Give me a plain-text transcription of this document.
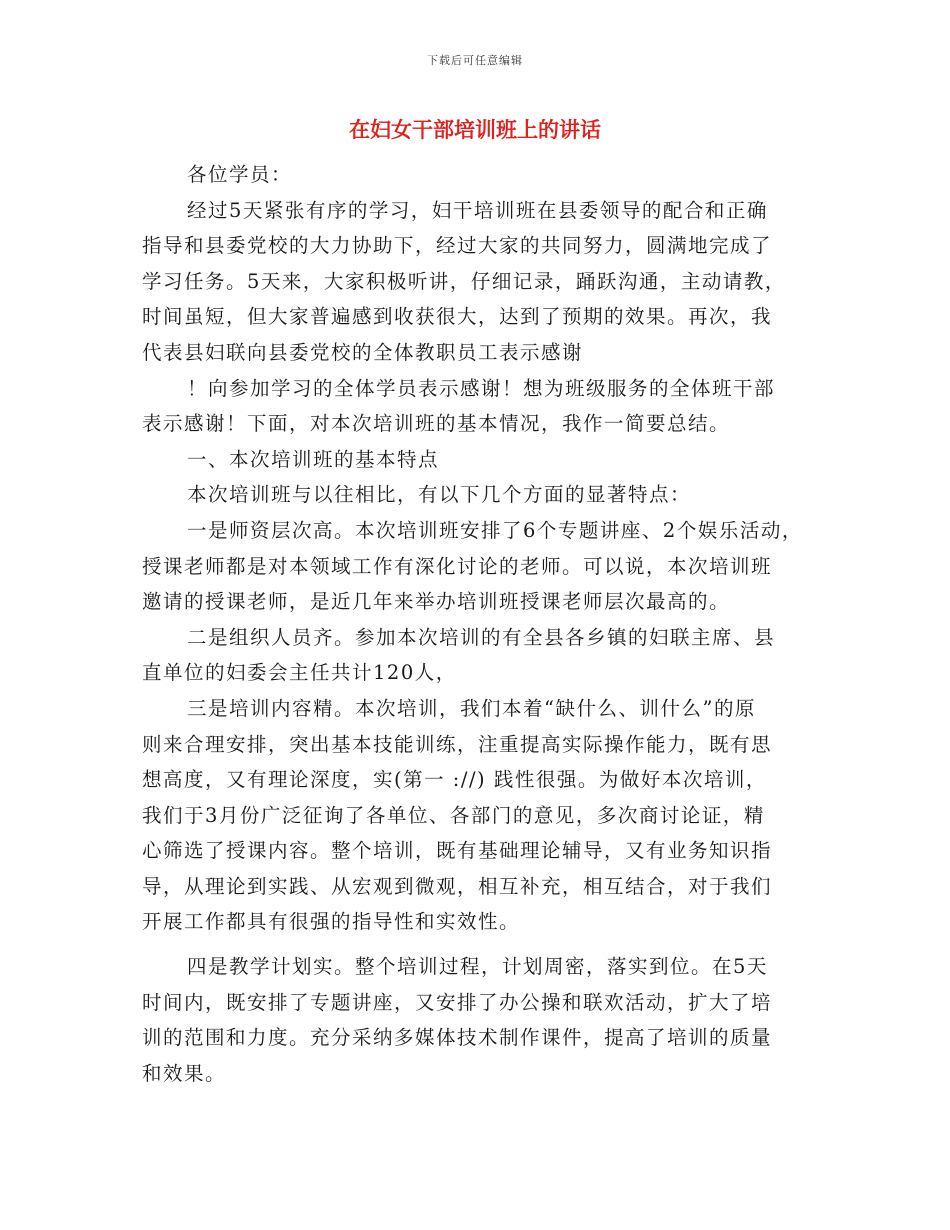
下载后可任意编辑
在妇女干部培训班上的讲话
各位学员：
经过5天紧张有序的学习，妇干培训班在县委领导的配合和正确
指导和县委党校的大力协助下，经过大家的共同努力，圆满地完成了
学习任务。5天来，大家积极听讲，仔细记录，踊跃沟通，主动请教，
时间虽短，但大家普遍感到收获很大，达到了预期的效果。再次，我
代表县妇联向县委党校的全体教职员工表示感谢
！向参加学习的全体学员表示感谢！想为班级服务的全体班干部
表示感谢！下面，对本次培训班的基本情况，我作一简要总结。
一、本次培训班的基本特点
本次培训班与以往相比，有以下几个方面的显著特点：
一是师资层次高。本次培训班安排了6个专题讲座、2个娱乐活动，
授课老师都是对本领域工作有深化讨论的老师。可以说，本次培训班
邀请的授课老师，是近几年来举办培训班授课老师层次最高的。
二是组织人员齐。参加本次培训的有全县各乡镇的妇联主席、县
直单位的妇委会主任共计120人，
三是培训内容精。本次培训，我们本着“缺什么、训什么”的原
则来合理安排，突出基本技能训练，注重提高实际操作能力，既有思
想高度，又有理论深度，实(第一 ://) 践性很强。为做好本次培训，
我们于3月份广泛征询了各单位、各部门的意见，多次商讨论证，精
心筛选了授课内容。整个培训，既有基础理论辅导，又有业务知识指
导，从理论到实践、从宏观到微观，相互补充，相互结合，对于我们
开展工作都具有很强的指导性和实效性。
四是教学计划实。整个培训过程，计划周密，落实到位。在5天
时间内，既安排了专题讲座，又安排了办公操和联欢活动，扩大了培
训的范围和力度。充分采纳多媒体技术制作课件，提高了培训的质量
和效果。
